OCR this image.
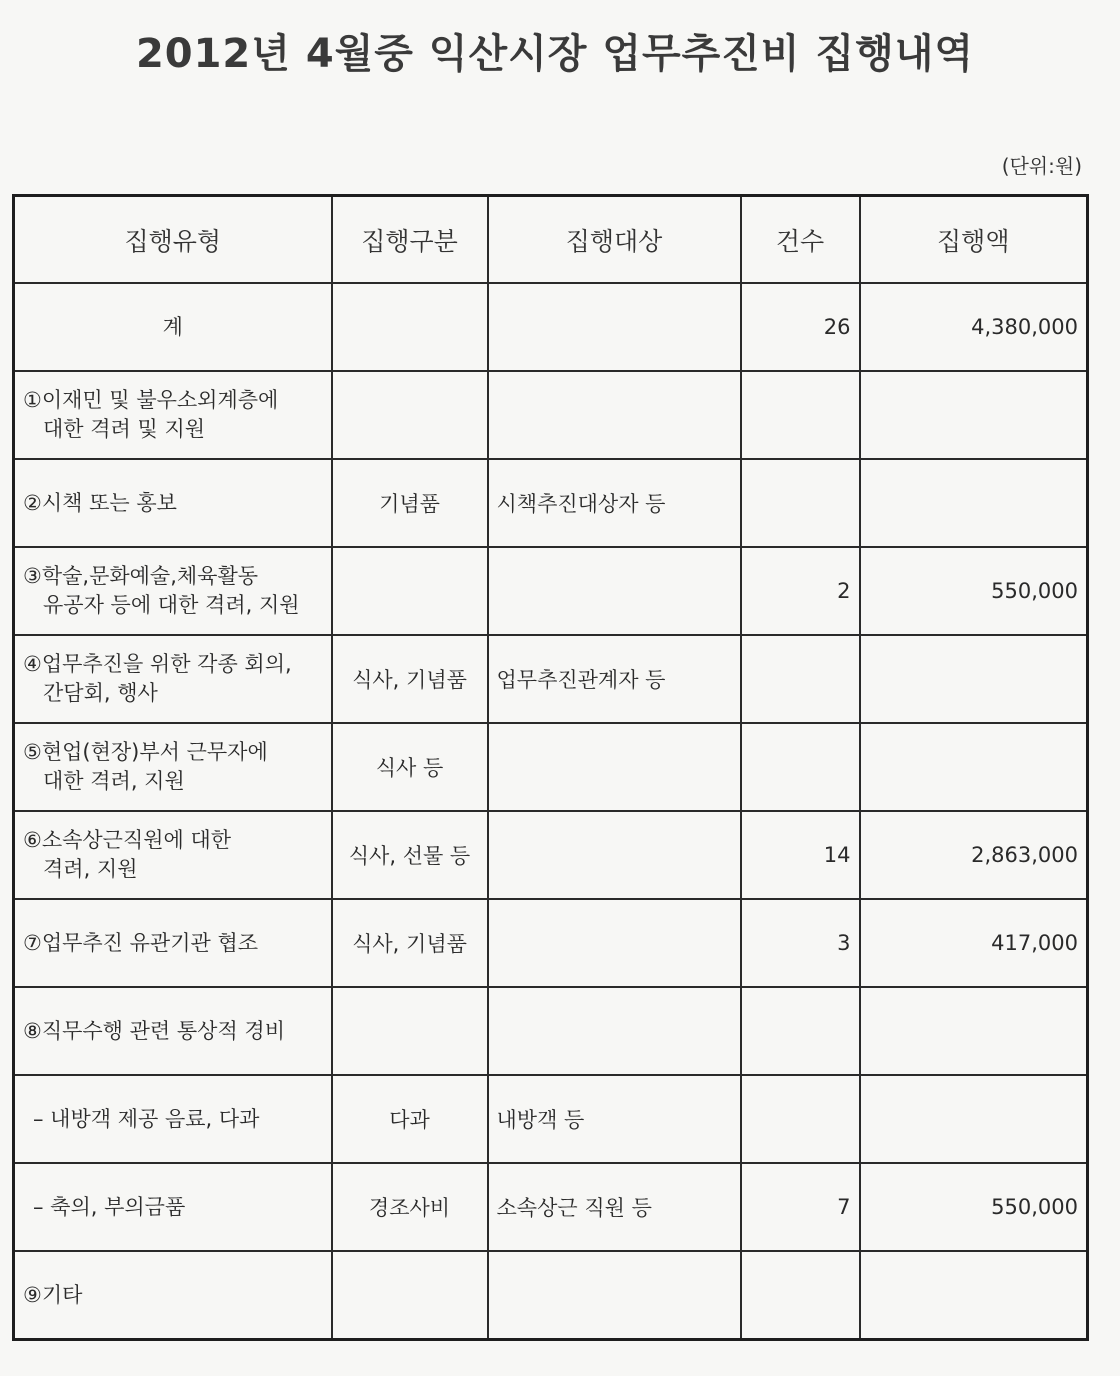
2012년 4월중 익산시장 업무추진비 집행내역
(단위:원)
집행유형	집행구분	집행대상	건수	집행액

계			26	4,380,000

①이재민 및 불우소외계층에
대한 격려 및 지원				

②시책 또는 홍보	기념품	시책추진대상자 등		

③학술,문화예술,체육활동
유공자 등에 대한 격려, 지원			2	550,000

④업무추진을 위한 각종 회의,
간담회, 행사	식사, 기념품	업무추진관계자 등		

⑤현업(현장)부서 근무자에
대한 격려, 지원	식사 등			

⑥소속상근직원에 대한
격려, 지원	식사, 선물 등		14	2,863,000

⑦업무추진 유관기관 협조	식사, 기념품		3	417,000

⑧직무수행 관련 통상적 경비				

– 내방객 제공 음료, 다과	다과	내방객 등		

– 축의, 부의금품	경조사비	소속상근 직원 등	7	550,000

⑨기타				
